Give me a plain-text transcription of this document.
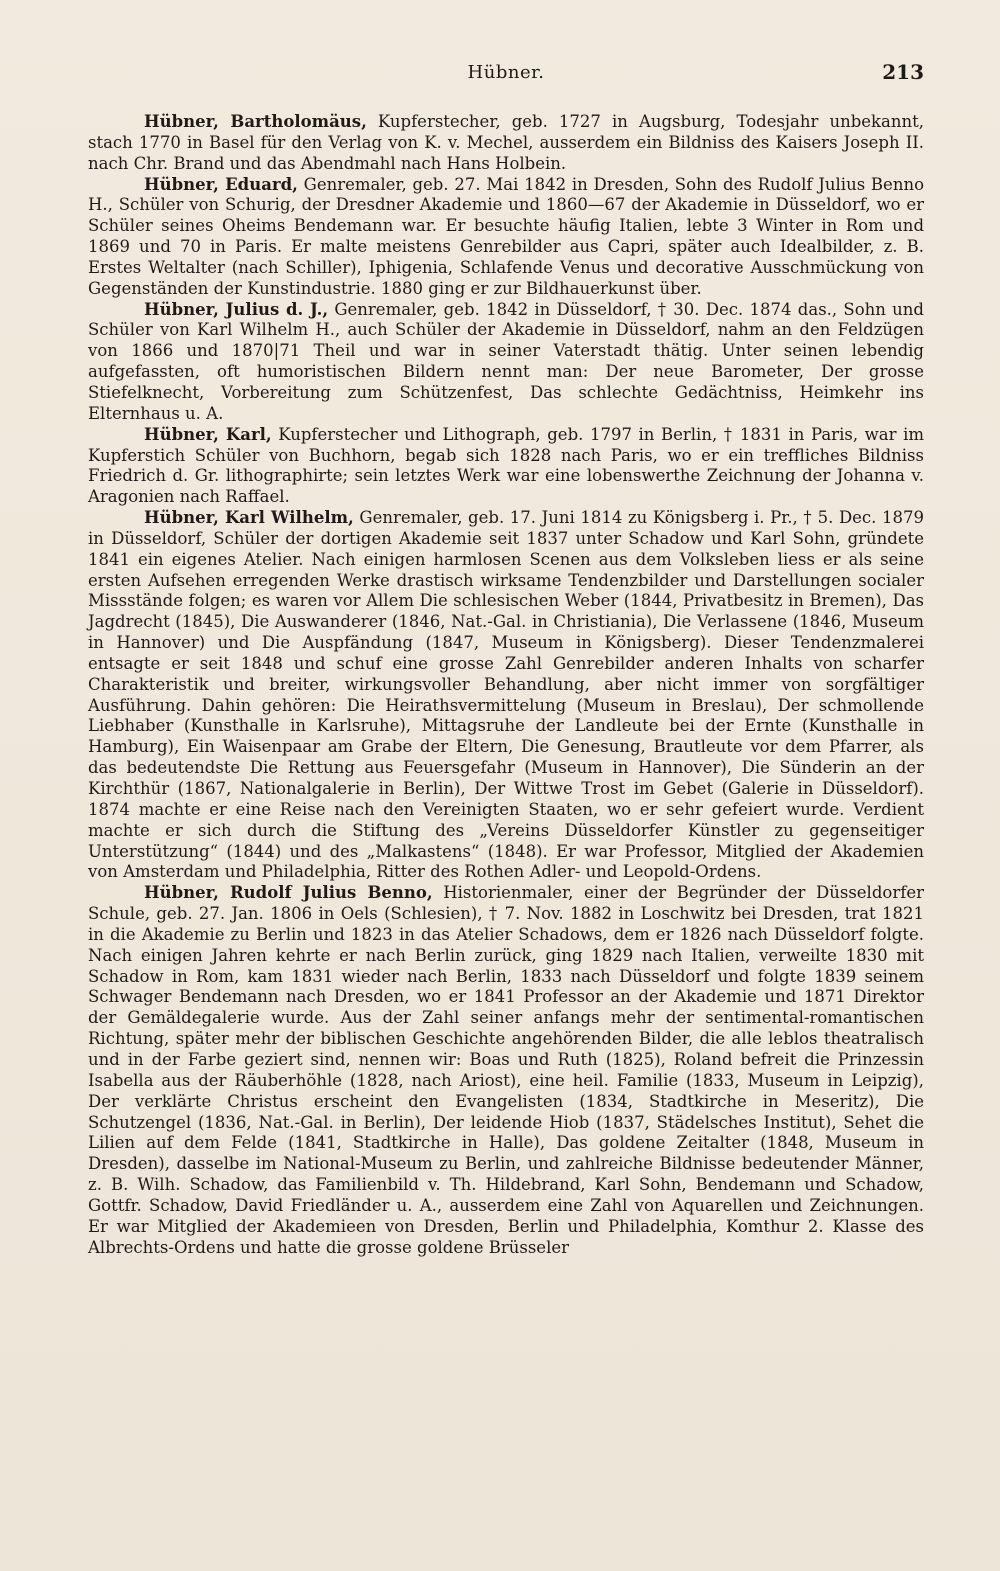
Hübner.	213

Hübner, Bartholomäus, Kupferstecher, geb. 1727 in Augsburg, Todesjahr unbekannt, stach 1770 in Basel für den Verlag von K. v. Mechel, ausserdem ein Bildniss des Kaisers Joseph II. nach Chr. Brand und das Abendmahl nach Hans Holbein.

Hübner, Eduard, Genremaler, geb. 27. Mai 1842 in Dresden, Sohn des Rudolf Julius Benno H., Schüler von Schurig, der Dresdner Akademie und 1860—67 der Akademie in Düsseldorf, wo er Schüler seines Oheims Bendemann war. Er besuchte häufig Italien, lebte 3 Winter in Rom und 1869 und 70 in Paris. Er malte meistens Genrebilder aus Capri, später auch Idealbilder, z. B. Erstes Weltalter (nach Schiller), Iphigenia, Schlafende Venus und decorative Ausschmückung von Gegenständen der Kunstindustrie. 1880 ging er zur Bildhauerkunst über.

Hübner, Julius d. J., Genremaler, geb. 1842 in Düsseldorf, † 30. Dec. 1874 das., Sohn und Schüler von Karl Wilhelm H., auch Schüler der Akademie in Düsseldorf, nahm an den Feldzügen von 1866 und 1870|71 Theil und war in seiner Vaterstadt thätig. Unter seinen lebendig aufgefassten, oft humoristischen Bildern nennt man: Der neue Barometer, Der grosse Stiefelknecht, Vorbereitung zum Schützenfest, Das schlechte Gedächtniss, Heimkehr ins Elternhaus u. A.

Hübner, Karl, Kupferstecher und Lithograph, geb. 1797 in Berlin, † 1831 in Paris, war im Kupferstich Schüler von Buchhorn, begab sich 1828 nach Paris, wo er ein treffliches Bildniss Friedrich d. Gr. lithographirte; sein letztes Werk war eine lobenswerthe Zeichnung der Johanna v. Aragonien nach Raffael.

Hübner, Karl Wilhelm, Genremaler, geb. 17. Juni 1814 zu Königsberg i. Pr., † 5. Dec. 1879 in Düsseldorf, Schüler der dortigen Akademie seit 1837 unter Schadow und Karl Sohn, gründete 1841 ein eigenes Atelier. Nach einigen harmlosen Scenen aus dem Volksleben liess er als seine ersten Aufsehen erregenden Werke drastisch wirksame Tendenzbilder und Darstellungen socialer Missstände folgen; es waren vor Allem Die schlesischen Weber (1844, Privatbesitz in Bremen), Das Jagdrecht (1845), Die Auswanderer (1846, Nat.-Gal. in Christiania), Die Verlassene (1846, Museum in Hannover) und Die Auspfändung (1847, Museum in Königsberg). Dieser Tendenzmalerei entsagte er seit 1848 und schuf eine grosse Zahl Genrebilder anderen Inhalts von scharfer Charakteristik und breiter, wirkungsvoller Behandlung, aber nicht immer von sorgfältiger Ausführung. Dahin gehören: Die Heirathsvermittelung (Museum in Breslau), Der schmollende Liebhaber (Kunsthalle in Karlsruhe), Mittagsruhe der Landleute bei der Ernte (Kunsthalle in Hamburg), Ein Waisenpaar am Grabe der Eltern, Die Genesung, Brautleute vor dem Pfarrer, als das bedeutendste Die Rettung aus Feuersgefahr (Museum in Hannover), Die Sünderin an der Kirchthür (1867, Nationalgalerie in Berlin), Der Wittwe Trost im Gebet (Galerie in Düsseldorf). 1874 machte er eine Reise nach den Vereinigten Staaten, wo er sehr gefeiert wurde. Verdient machte er sich durch die Stiftung des „Vereins Düsseldorfer Künstler zu gegenseitiger Unterstützung“ (1844) und des „Malkastens“ (1848). Er war Professor, Mitglied der Akademien von Amsterdam und Philadelphia, Ritter des Rothen Adler- und Leopold-Ordens.

Hübner, Rudolf Julius Benno, Historienmaler, einer der Begründer der Düsseldorfer Schule, geb. 27. Jan. 1806 in Oels (Schlesien), † 7. Nov. 1882 in Loschwitz bei Dresden, trat 1821 in die Akademie zu Berlin und 1823 in das Atelier Schadows, dem er 1826 nach Düsseldorf folgte. Nach einigen Jahren kehrte er nach Berlin zurück, ging 1829 nach Italien, verweilte 1830 mit Schadow in Rom, kam 1831 wieder nach Berlin, 1833 nach Düsseldorf und folgte 1839 seinem Schwager Bendemann nach Dresden, wo er 1841 Professor an der Akademie und 1871 Direktor der Gemäldegalerie wurde. Aus der Zahl seiner anfangs mehr der sentimental-romantischen Richtung, später mehr der biblischen Geschichte angehörenden Bilder, die alle leblos theatralisch und in der Farbe geziert sind, nennen wir: Boas und Ruth (1825), Roland befreit die Prinzessin Isabella aus der Räuberhöhle (1828, nach Ariost), eine heil. Familie (1833, Museum in Leipzig), Der verklärte Christus erscheint den Evangelisten (1834, Stadtkirche in Meseritz), Die Schutzengel (1836, Nat.-Gal. in Berlin), Der leidende Hiob (1837, Städelsches Institut), Sehet die Lilien auf dem Felde (1841, Stadtkirche in Halle), Das goldene Zeitalter (1848, Museum in Dresden), dasselbe im National-Museum zu Berlin, und zahlreiche Bildnisse bedeutender Männer, z. B. Wilh. Schadow, das Familienbild v. Th. Hildebrand, Karl Sohn, Bendemann und Schadow, Gottfr. Schadow, David Friedländer u. A., ausserdem eine Zahl von Aquarellen und Zeichnungen. Er war Mitglied der Akademieen von Dresden, Berlin und Philadelphia, Komthur 2. Klasse des Albrechts-Ordens und hatte die grosse goldene Brüsseler
